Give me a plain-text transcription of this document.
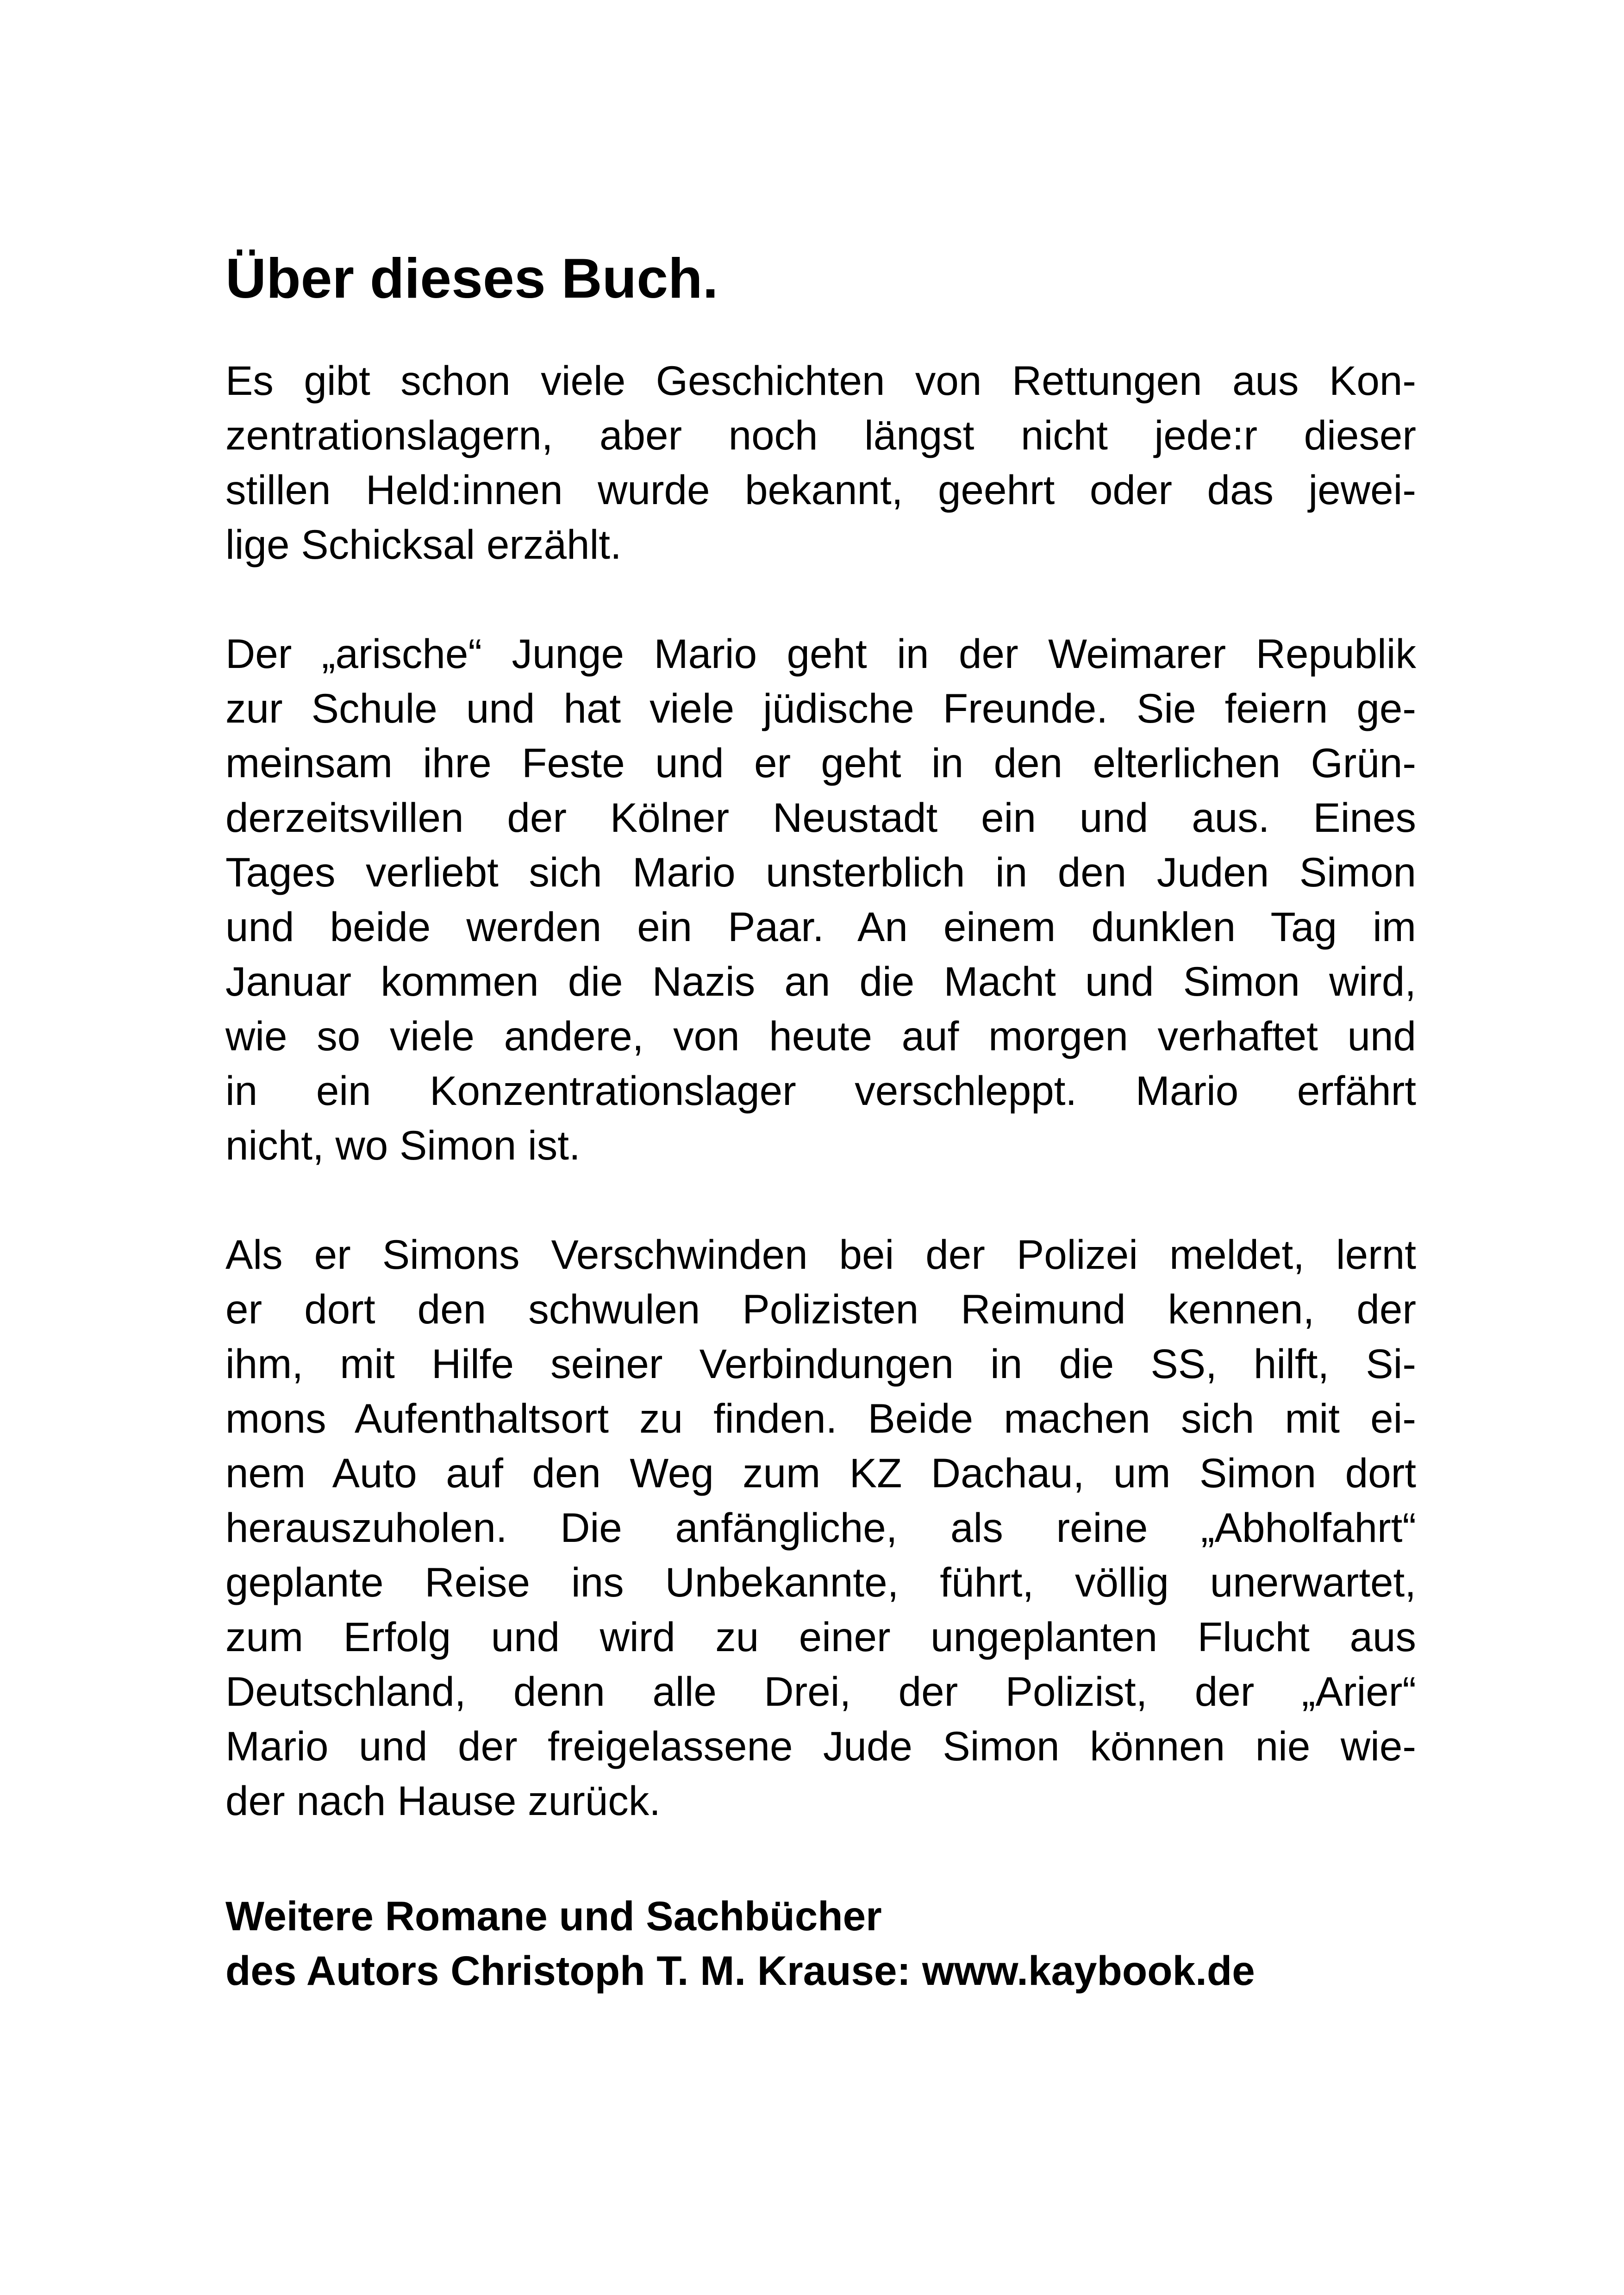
Über dieses Buch.
Es gibt schon viele Geschichten von Rettungen aus Kon-
zentrationslagern, aber noch längst nicht jede:r dieser
stillen Held:innen wurde bekannt, geehrt oder das jewei-
lige Schicksal erzählt.
Der „arische“ Junge Mario geht in der Weimarer Republik
zur Schule und hat viele jüdische Freunde. Sie feiern ge-
meinsam ihre Feste und er geht in den elterlichen Grün-
derzeitsvillen der Kölner Neustadt ein und aus. Eines
Tages verliebt sich Mario unsterblich in den Juden Simon
und beide werden ein Paar. An einem dunklen Tag im
Januar kommen die Nazis an die Macht und Simon wird,
wie so viele andere, von heute auf morgen verhaftet und
in ein Konzentrationslager verschleppt. Mario erfährt
nicht, wo Simon ist.
Als er Simons Verschwinden bei der Polizei meldet, lernt
er dort den schwulen Polizisten Reimund kennen, der
ihm, mit Hilfe seiner Verbindungen in die SS, hilft, Si-
mons Aufenthaltsort zu finden. Beide machen sich mit ei-
nem Auto auf den Weg zum KZ Dachau, um Simon dort
herauszuholen. Die anfängliche, als reine „Abholfahrt“
geplante Reise ins Unbekannte, führt, völlig unerwartet,
zum Erfolg und wird zu einer ungeplanten Flucht aus
Deutschland, denn alle Drei, der Polizist, der „Arier“
Mario und der freigelassene Jude Simon können nie wie-
der nach Hause zurück.
Weitere Romane und Sachbücher
des Autors Christoph T. M. Krause: www.kaybook.de
